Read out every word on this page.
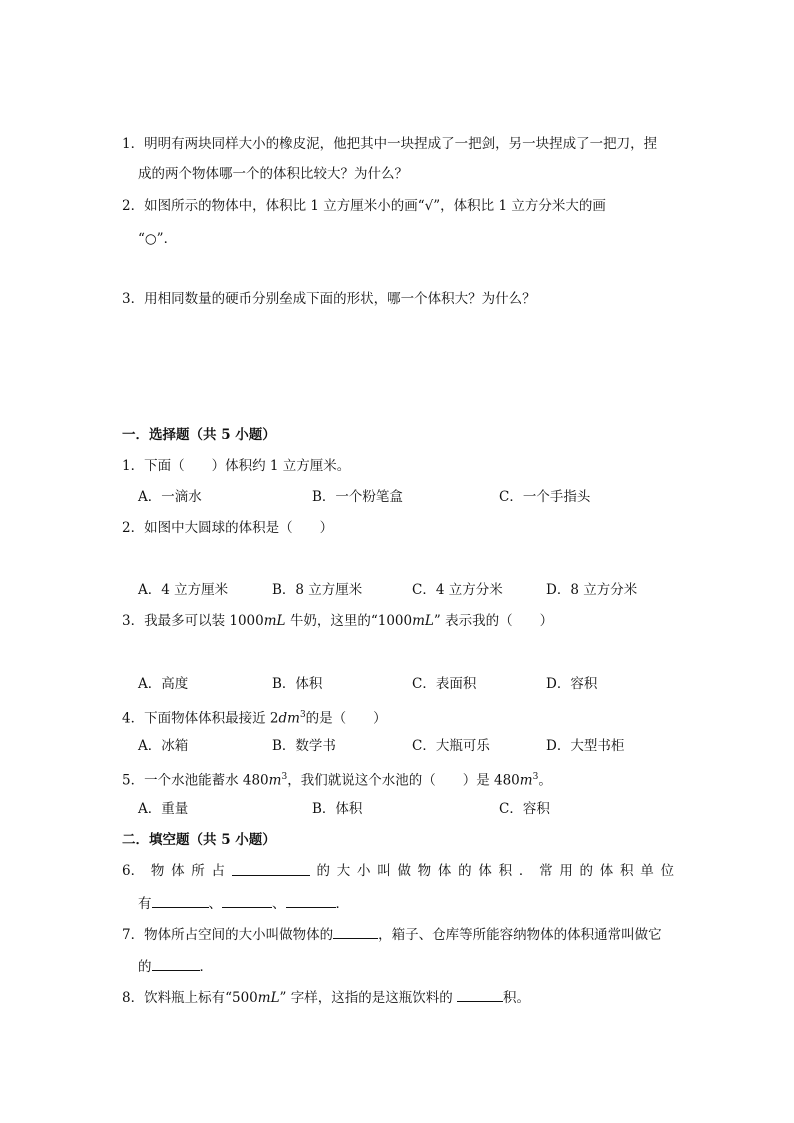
1．明明有两块同样大小的橡皮泥，他把其中一块捏成了一把剑，另一块捏成了一把刀，捏
成的两个物体哪一个的体积比较大？为什么？
2．如图所示的物体中，体积比 1 立方厘米小的画“√”，体积比 1 立方分米大的画
“○”．
3．用相同数量的硬币分别垒成下面的形状，哪一个体积大？为什么？
一．选择题（共 5 小题）
1．下面（　　）体积约 1 立方厘米。
A．一滴水	B．一个粉笔盒	C．一个手指头
2．如图中大圆球的体积是（　　）
A．4 立方厘米	B．8 立方厘米	C．4 立方分米	D．8 立方分米
3．我最多可以装 1000mL 牛奶，这里的“1000mL” 表示我的（　　）
A．高度	B．体积	C．表面积	D．容积
4．下面物体体积最接近 $2dm^3$的是（　　）
A．冰箱	B．数学书	C．大瓶可乐	D．大型书柜
5．一个水池能蓄水 $480m^3$，我们就说这个水池的（　　）是 $480m^3$。
A．重量	B．体积	C．容积
二．填空题（共 5 小题）
6． 物 体 所 占	的 大 小 叫 做 物 体 的 体 积 ． 常 用 的 体 积 单 位
有	、	、	．
7．物体所占空间的大小叫做物体的	，箱子、仓库等所能容纳物体的体积通常叫做它
的	．
8．饮料瓶上标有“500mL” 字样，这指的是这瓶饮料的	积。
